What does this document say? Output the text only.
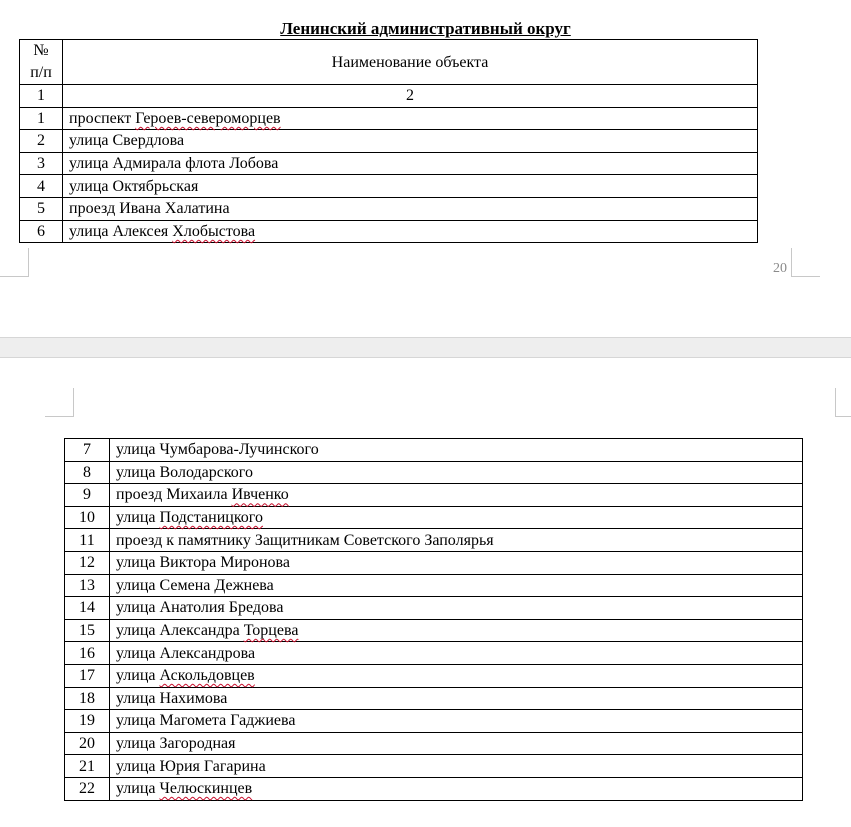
Ленинский административный округ
№
п/п	Наименование объекта
1	2
1	проспект Героев-североморцев
2	улица Свердлова
3	улица Адмирала флота Лобова
4	улица Октябрьская
5	проезд Ивана Халатина
6	улица Алексея Хлобыстова
20
7	улица Чумбарова-Лучинского
8	улица Володарского
9	проезд Михаила Ивченко
10	улица Подстаницкого
11	проезд к памятнику Защитникам Советского Заполярья
12	улица Виктора Миронова
13	улица Семена Дежнева
14	улица Анатолия Бредова
15	улица Александра Торцева
16	улица Александрова
17	улица Аскольдовцев
18	улица Нахимова
19	улица Магомета Гаджиева
20	улица Загородная
21	улица Юрия Гагарина
22	улица Челюскинцев
